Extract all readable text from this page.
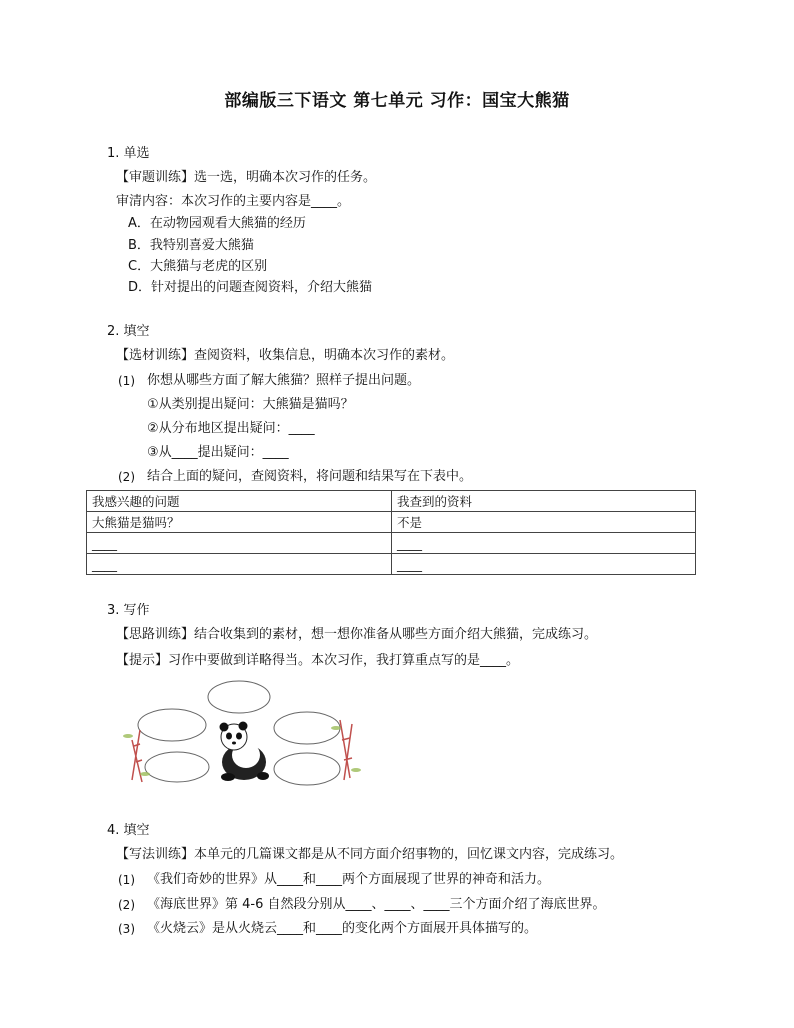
部编版三下语文 第七单元 习作：国宝大熊猫
1. 单选
【审题训练】选一选，明确本次习作的任务。
审清内容：本次习作的主要内容是____。
A．在动物园观看大熊猫的经历
B．我特别喜爱大熊猫
C．大熊猫与老虎的区别
D．针对提出的问题查阅资料，介绍大熊猫
2. 填空
【选材训练】查阅资料，收集信息，明确本次习作的素材。
(1) 你想从哪些方面了解大熊猫？照样子提出问题。
①从类别提出疑问：大熊猫是猫吗？
②从分布地区提出疑问：____
③从____提出疑问：____
(2) 结合上面的疑问，查阅资料，将问题和结果写在下表中。
我感兴趣的问题	我查到的资料
大熊猫是猫吗？	不是
____	____
____	____
3. 写作
【思路训练】结合收集到的素材，想一想你准备从哪些方面介绍大熊猫，完成练习。
【提示】习作中要做到详略得当。本次习作，我打算重点写的是____。
4. 填空
【写法训练】本单元的几篇课文都是从不同方面介绍事物的，回忆课文内容，完成练习。
(1) 《我们奇妙的世界》从____和____两个方面展现了世界的神奇和活力。
(2) 《海底世界》第 4-6 自然段分别从____、____、____三个方面介绍了海底世界。
(3) 《火烧云》是从火烧云____和____的变化两个方面展开具体描写的。
